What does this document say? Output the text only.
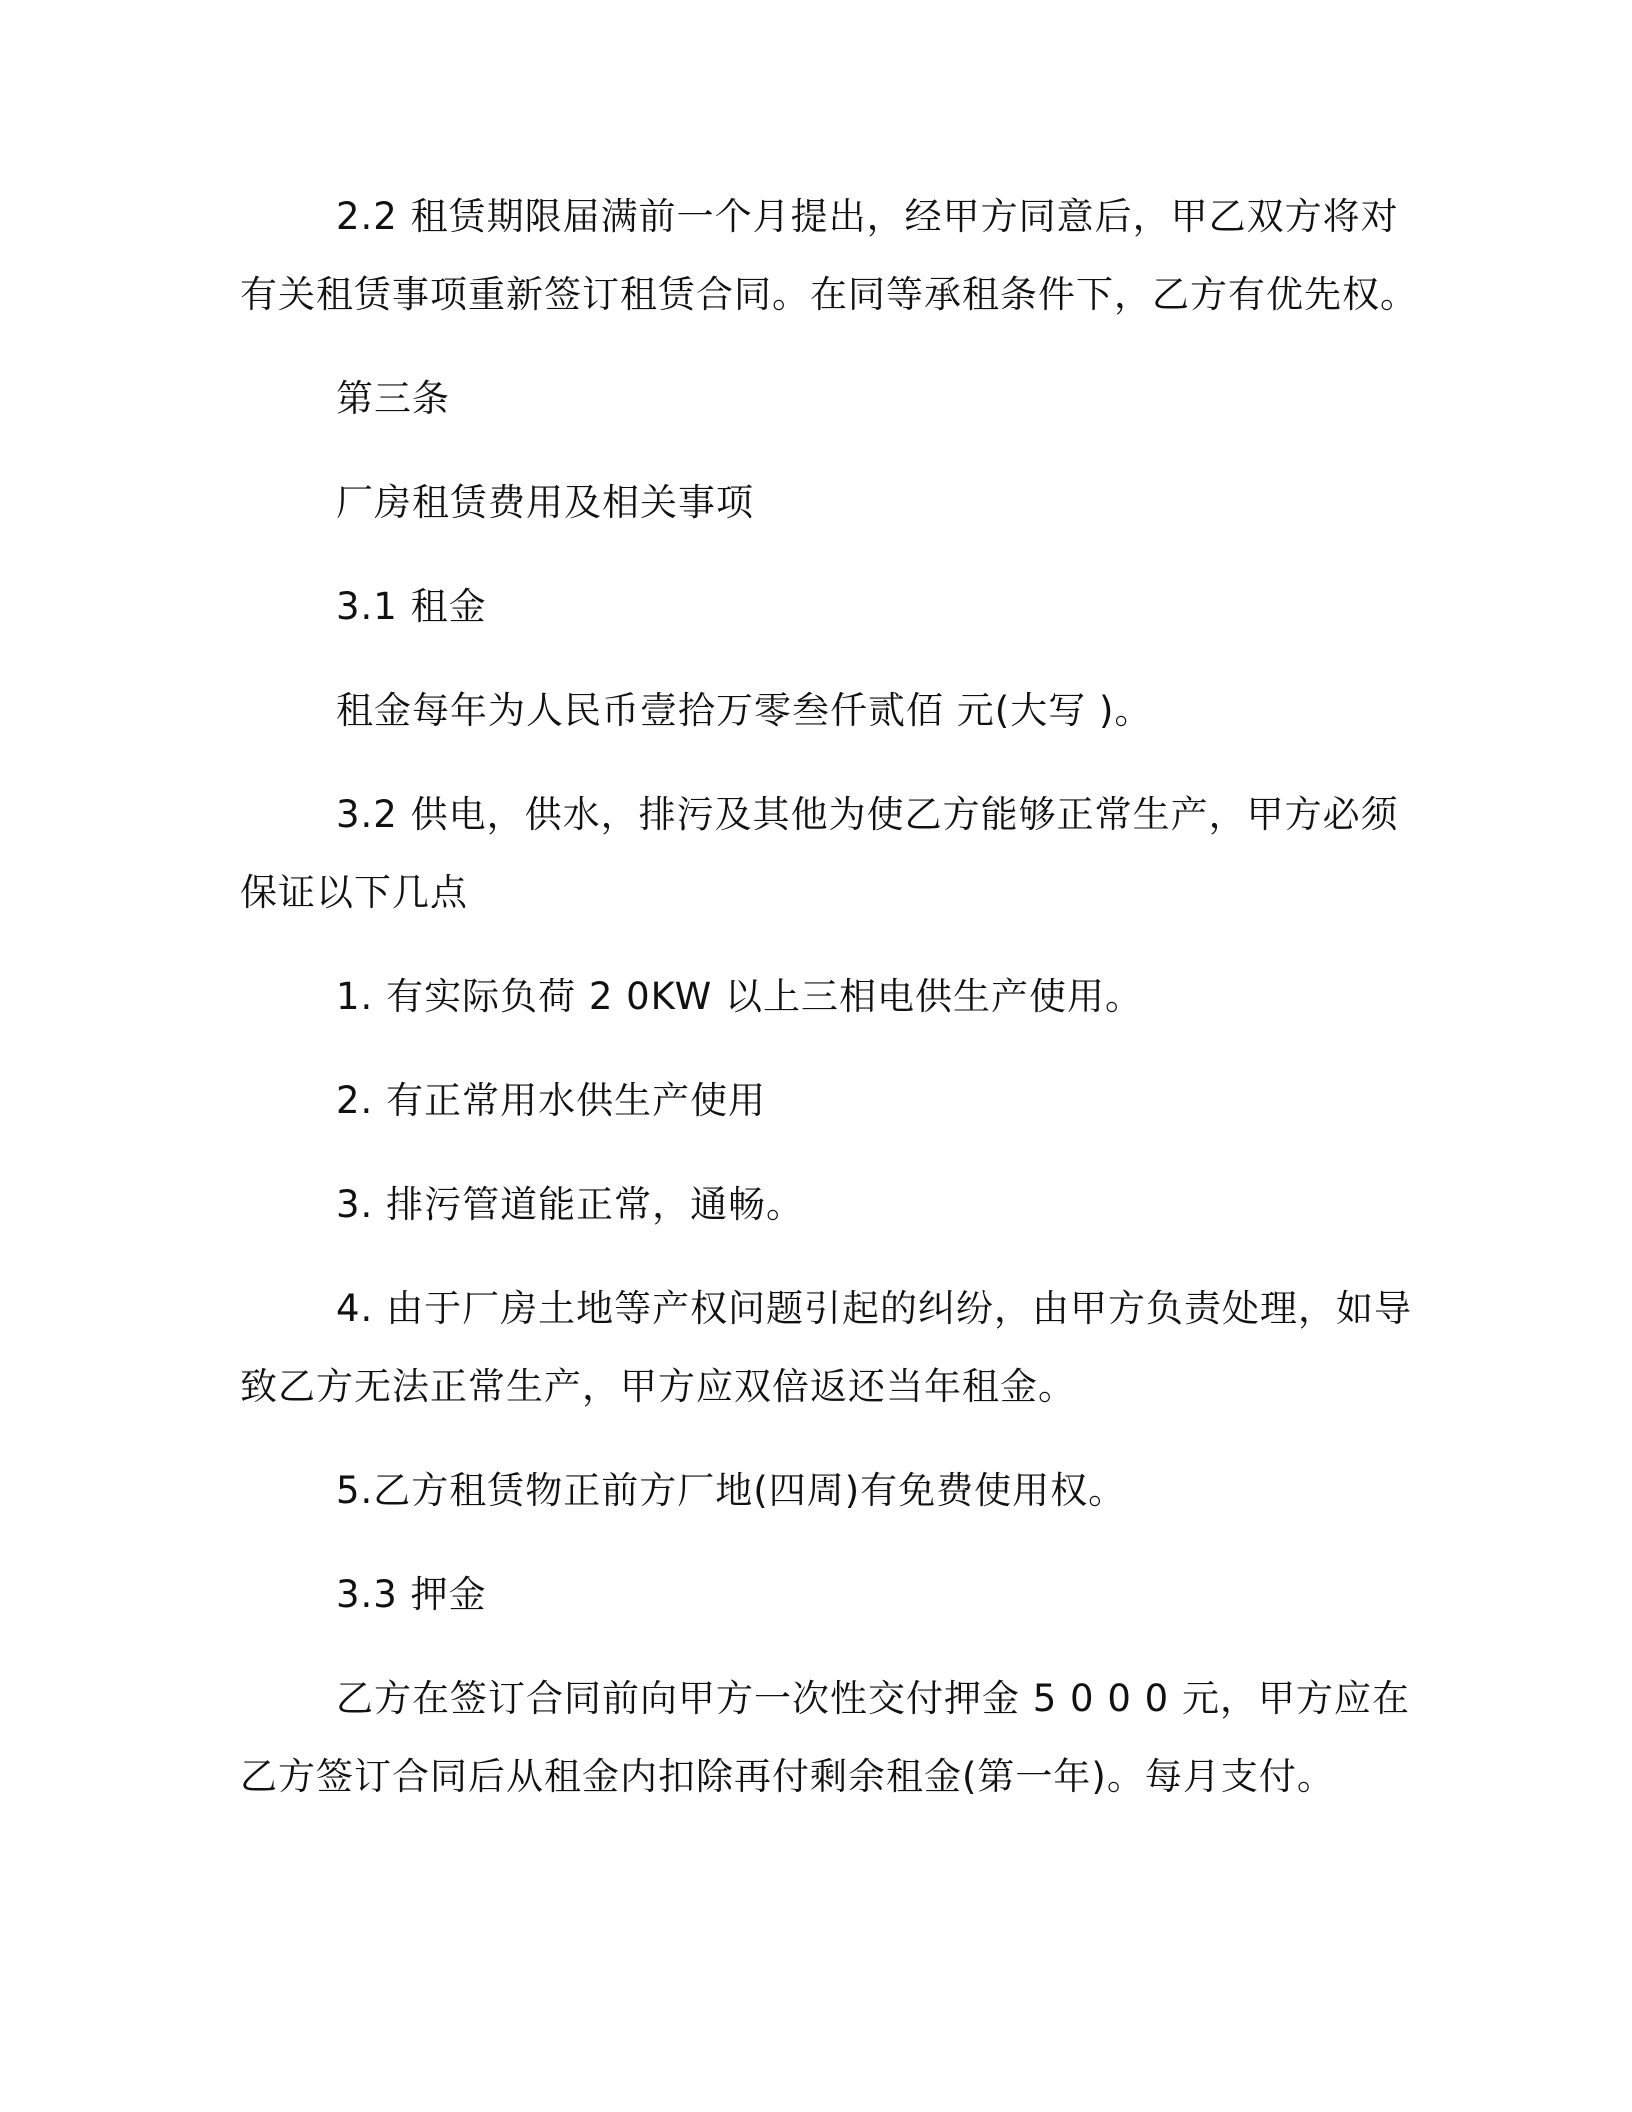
2.2 租赁期限届满前一个月提出，经甲方同意后，甲乙双方将对
有关租赁事项重新签订租赁合同。在同等承租条件下，乙方有优先权。
第三条
厂房租赁费用及相关事项
3.1 租金
租金每年为人民币壹拾万零叁仟贰佰 元(大写 )。
3.2 供电，供水，排污及其他为使乙方能够正常生产，甲方必须
保证以下几点
1. 有实际负荷 2 0KW 以上三相电供生产使用。
2. 有正常用水供生产使用
3. 排污管道能正常，通畅。
4. 由于厂房土地等产权问题引起的纠纷，由甲方负责处理，如导
致乙方无法正常生产，甲方应双倍返还当年租金。
5.乙方租赁物正前方厂地(四周)有免费使用权。
3.3 押金
乙方在签订合同前向甲方一次性交付押金 5 0 0 0 元，甲方应在
乙方签订合同后从租金内扣除再付剩余租金(第一年)。每月支付。
